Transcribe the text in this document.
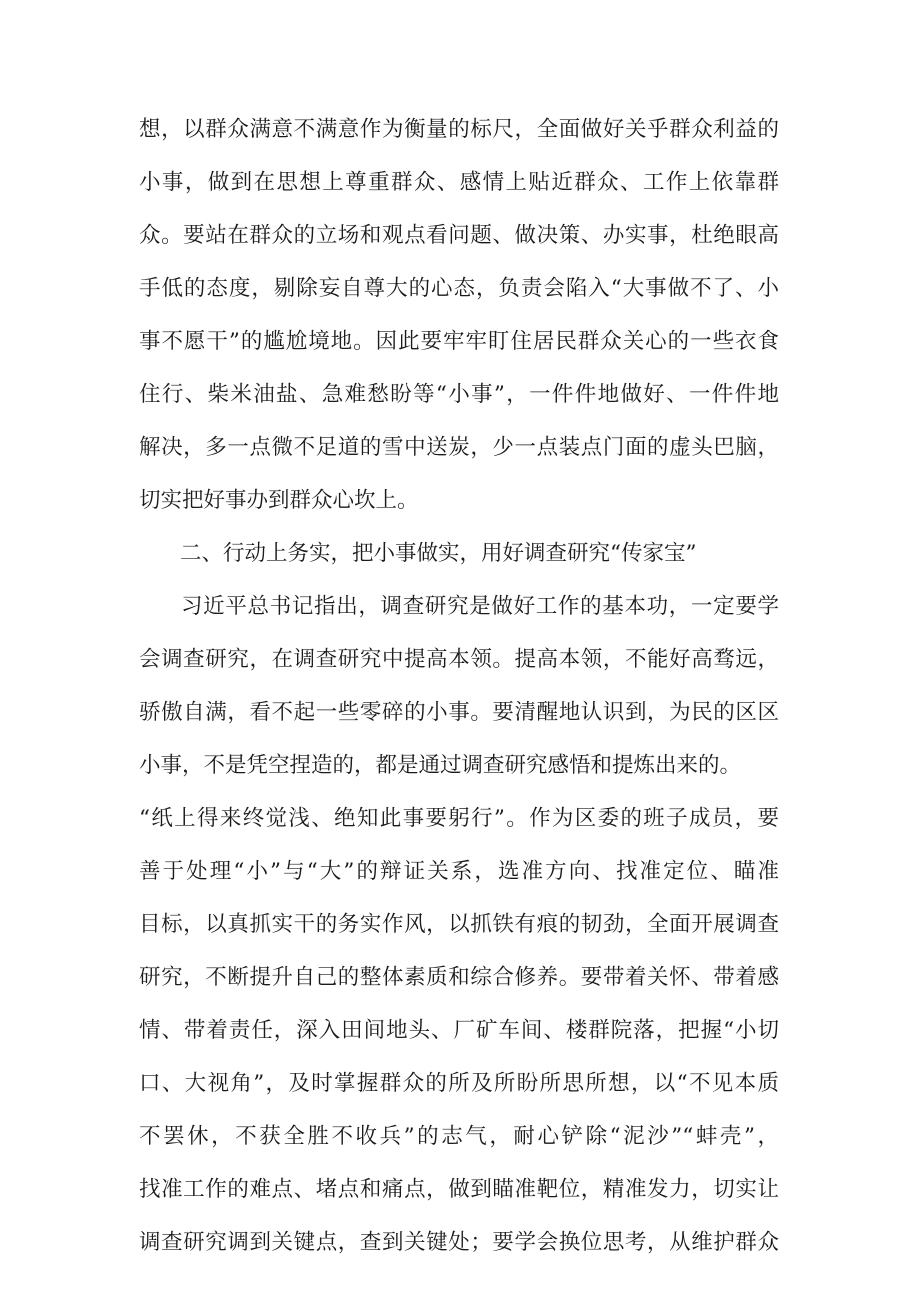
想，以群众满意不满意作为衡量的标尺，全面做好关乎群众利益的
小事，做到在思想上尊重群众、感情上贴近群众、工作上依靠群
众。要站在群众的立场和观点看问题、做决策、办实事，杜绝眼高
手低的态度，剔除妄自尊大的心态，负责会陷入“大事做不了、小
事不愿干”的尴尬境地。因此要牢牢盯住居民群众关心的一些衣食
住行、柴米油盐、急难愁盼等“小事”，一件件地做好、一件件地
解决，多一点微不足道的雪中送炭，少一点装点门面的虚头巴脑，
切实把好事办到群众心坎上。
二、行动上务实，把小事做实，用好调查研究“传家宝”
习近平总书记指出，调查研究是做好工作的基本功，一定要学
会调查研究，在调查研究中提高本领。提高本领，不能好高骛远，
骄傲自满，看不起一些零碎的小事。要清醒地认识到，为民的区区
小事，不是凭空捏造的，都是通过调查研究感悟和提炼出来的。
“纸上得来终觉浅、绝知此事要躬行”。作为区委的班子成员，要
善于处理“小”与“大”的辩证关系，选准方向、找准定位、瞄准
目标，以真抓实干的务实作风，以抓铁有痕的韧劲，全面开展调查
研究，不断提升自己的整体素质和综合修养。要带着关怀、带着感
情、带着责任，深入田间地头、厂矿车间、楼群院落，把握“小切
口、大视角”，及时掌握群众的所及所盼所思所想，以“不见本质
不罢休，不获全胜不收兵”的志气，耐心铲除“泥沙”“蚌壳”，
找准工作的难点、堵点和痛点，做到瞄准靶位，精准发力，切实让
调查研究调到关键点，查到关键处；要学会换位思考，从维护群众
